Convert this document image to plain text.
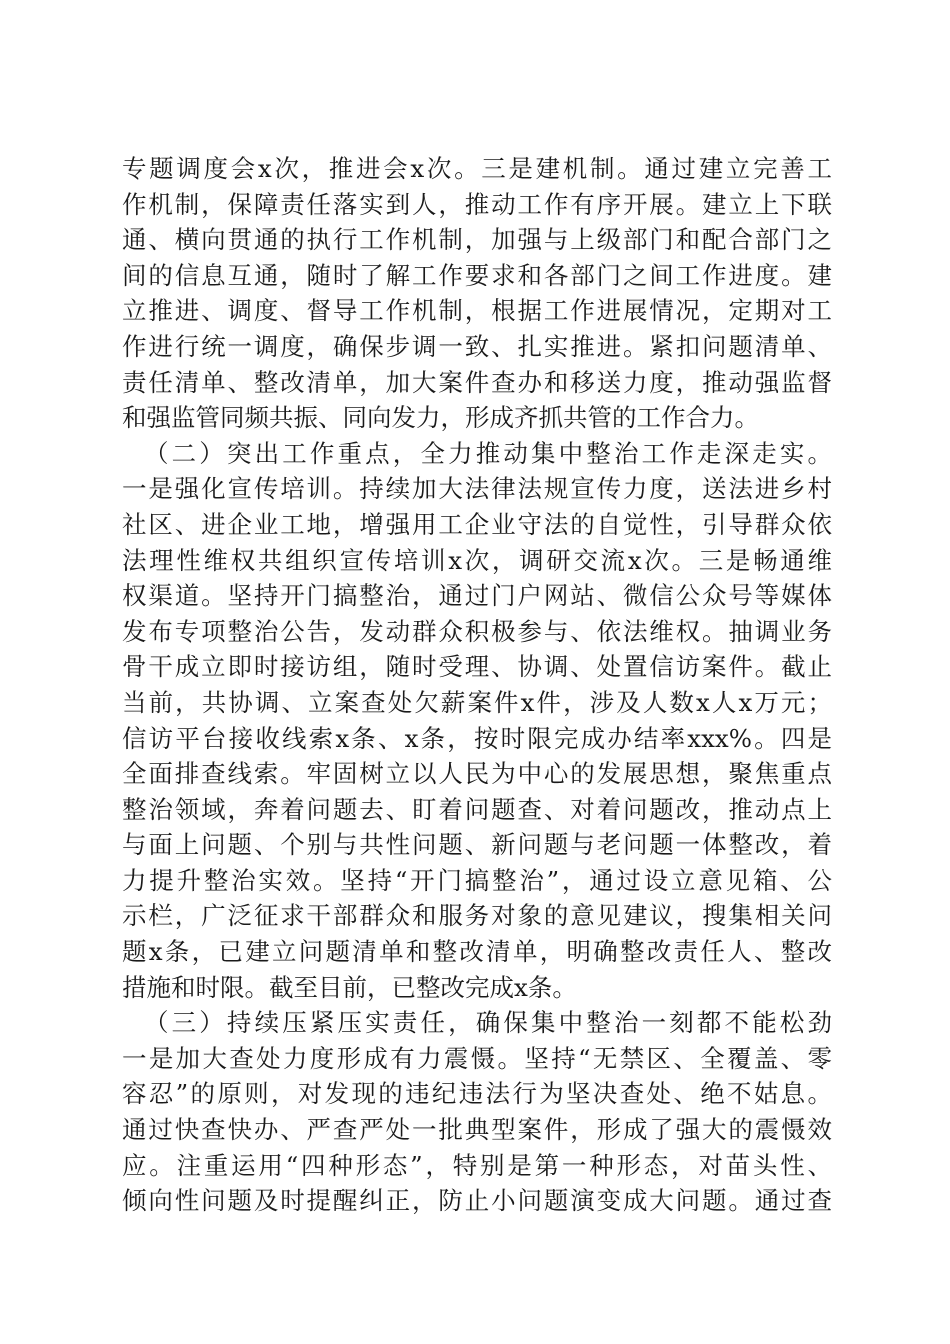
专题调度会x次，推进会x次。三是建机制。通过建立完善工
作机制，保障责任落实到人，推动工作有序开展。建立上下联
通、横向贯通的执行工作机制，加强与上级部门和配合部门之
间的信息互通，随时了解工作要求和各部门之间工作进度。建
立推进、调度、督导工作机制，根据工作进展情况，定期对工
作进行统一调度，确保步调一致、扎实推进。紧扣问题清单、
责任清单、整改清单，加大案件查办和移送力度，推动强监督
和强监管同频共振、同向发力，形成齐抓共管的工作合力。
（二）突出工作重点，全力推动集中整治工作走深走实。
一是强化宣传培训。持续加大法律法规宣传力度，送法进乡村
社区、进企业工地，增强用工企业守法的自觉性，引导群众依
法理性维权共组织宣传培训x次，调研交流x次。三是畅通维
权渠道。坚持开门搞整治，通过门户网站、微信公众号等媒体
发布专项整治公告，发动群众积极参与、依法维权。抽调业务
骨干成立即时接访组，随时受理、协调、处置信访案件。截止
当前，共协调、立案查处欠薪案件x件，涉及人数x人x万元；
信访平台接收线索x条、x条，按时限完成办结率xxx%。四是
全面排查线索。牢固树立以人民为中心的发展思想，聚焦重点
整治领域，奔着问题去、盯着问题查、对着问题改，推动点上
与面上问题、个别与共性问题、新问题与老问题一体整改，着
力提升整治实效。坚持“开门搞整治”，通过设立意见箱、公
示栏，广泛征求干部群众和服务对象的意见建议，搜集相关问
题x条，已建立问题清单和整改清单，明确整改责任人、整改
措施和时限。截至目前，已整改完成x条。
（三）持续压紧压实责任，确保集中整治一刻都不能松劲
一是加大查处力度形成有力震慑。坚持“无禁区、全覆盖、零
容忍”的原则，对发现的违纪违法行为坚决查处、绝不姑息。
通过快查快办、严查严处一批典型案件，形成了强大的震慑效
应。注重运用“四种形态”，特别是第一种形态，对苗头性、
倾向性问题及时提醒纠正，防止小问题演变成大问题。通过查
